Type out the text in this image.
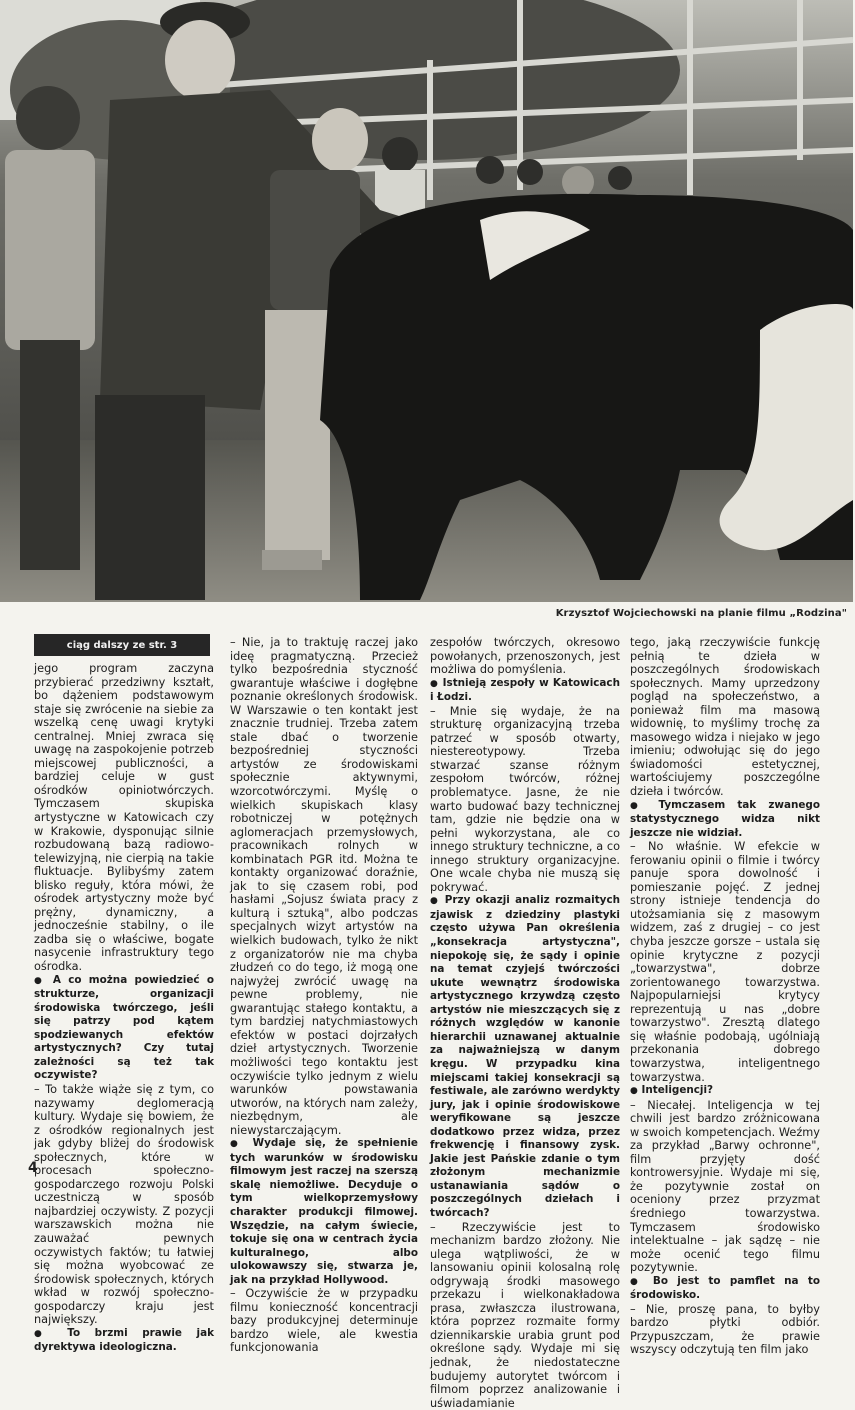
Krzysztof Wojciechowski na planie filmu „Rodzina"
ciąg dalszy ze str. 3

jego program zaczyna przybierać przedziwny kształt, bo dążeniem podstawowym staje się zwrócenie na siebie za wszelką cenę uwagi krytyki centralnej. Mniej zwraca się uwagę na zaspokojenie potrzeb miejscowej publiczności, a bardziej celuje w gust ośrodków opiniotwórczych. Tymczasem skupiska artystyczne w Katowicach czy w Krakowie, dysponując silnie rozbudowaną bazą radiowo-telewizyjną, nie cierpią na takie fluktuacje. Bylibyśmy zatem blisko reguły, która mówi, że ośrodek artystyczny może być prężny, dynamiczny, a jednocześnie stabilny, o ile zadba się o właściwe, bogate nasycenie infrastruktury tego ośrodka.

● A co można powiedzieć o strukturze, organizacji środowiska twórczego, jeśli się patrzy pod kątem spodziewanych efektów artystycznych? Czy tutaj zależności są też tak oczywiste?

– To także wiąże się z tym, co nazywamy deglomeracją kultury. Wydaje się bowiem, że z ośrodków regionalnych jest jak gdyby bliżej do środowisk społecznych, które w procesach społeczno-gospodarczego rozwoju Polski uczestniczą w sposób najbardziej oczywisty. Z pozycji warszawskich można nie zauważać pewnych oczywistych faktów; tu łatwiej się można wyobcować ze środowisk społecznych, których wkład w rozwój społeczno-gospodarczy kraju jest największy.

● To brzmi prawie jak dyrektywa ideologiczna.

– Nie, ja to traktuję raczej jako ideę pragmatyczną. Przecież tylko bezpośrednia styczność gwarantuje właściwe i dogłębne poznanie określonych środowisk. W Warszawie o ten kontakt jest znacznie trudniej. Trzeba zatem stale dbać o tworzenie bezpośredniej styczności artystów ze środowiskami społecznie aktywnymi, wzorcotwórczymi. Myślę o wielkich skupiskach klasy robotniczej w potężnych aglomeracjach przemysłowych, pracownikach rolnych w kombinatach PGR itd. Można te kontakty organizować doraźnie, jak to się czasem robi, pod hasłami „Sojusz świata pracy z kulturą i sztuką", albo podczas specjalnych wizyt artystów na wielkich budowach, tylko że nikt z organizatorów nie ma chyba złudzeń co do tego, iż mogą one najwyżej zwrócić uwagę na pewne problemy, nie gwarantując stałego kontaktu, a tym bardziej natychmiastowych efektów w postaci dojrzałych dzieł artystycznych. Tworzenie możliwości tego kontaktu jest oczywiście tylko jednym z wielu warunków powstawania utworów, na których nam zależy, niezbędnym, ale niewystarczającym.

● Wydaje się, że spełnienie tych warunków w środowisku filmowym jest raczej na szerszą skalę niemożliwe. Decyduje o tym wielkoprzemysłowy charakter produkcji filmowej. Wszędzie, na całym świecie, tokuje się ona w centrach życia kulturalnego, albo ulokowawszy się, stwarza je, jak na przykład Hollywood.

– Oczywiście że w przypadku filmu konieczność koncentracji bazy produkcyjnej determinuje bardzo wiele, ale kwestia funkcjonowania

zespołów twórczych, okresowo powołanych, przenoszonych, jest możliwa do pomyślenia.

● Istnieją zespoły w Katowicach i Łodzi.

– Mnie się wydaje, że na strukturę organizacyjną trzeba patrzeć w sposób otwarty, niestereotypowy. Trzeba stwarzać szanse różnym zespołom twórców, różnej problematyce. Jasne, że nie warto budować bazy technicznej tam, gdzie nie będzie ona w pełni wykorzystana, ale co innego struktury techniczne, a co innego struktury organizacyjne. One wcale chyba nie muszą się pokrywać.

● Przy okazji analiz rozmaitych zjawisk z dziedziny plastyki często używa Pan określenia „konsekracja artystyczna", niepokoję się, że sądy i opinie na temat czyjejś twórczości ukute wewnątrz środowiska artystycznego krzywdzą często artystów nie mieszczących się z różnych względów w kanonie hierarchii uznawanej aktualnie za najważniejszą w danym kręgu. W przypadku kina miejscami takiej konsekracji są festiwale, ale zarówno werdykty jury, jak i opinie środowiskowe weryfikowane są jeszcze dodatkowo przez widza, przez frekwencję i finansowy zysk. Jakie jest Pańskie zdanie o tym złożonym mechanizmie ustanawiania sądów o poszczególnych dziełach i twórcach?

– Rzeczywiście jest to mechanizm bardzo złożony. Nie ulega wątpliwości, że w lansowaniu opinii kolosalną rolę odgrywają środki masowego przekazu i wielkonakładowa prasa, zwłaszcza ilustrowana, która poprzez rozmaite formy dziennikarskie urabia grunt pod określone sądy. Wydaje mi się jednak, że niedostateczne budujemy autorytet twórcom i filmom poprzez analizowanie i uświadamianie

tego, jaką rzeczywiście funkcję pełnią te dzieła w poszczególnych środowiskach społecznych. Mamy uprzedzony pogląd na społeczeństwo, a ponieważ film ma masową widownię, to myślimy trochę za masowego widza i niejako w jego imieniu; odwołując się do jego świadomości estetycznej, wartościujemy poszczególne dzieła i twórców.

● Tymczasem tak zwanego statystycznego widza nikt jeszcze nie widział.

– No właśnie. W efekcie w ferowaniu opinii o filmie i twórcy panuje spora dowolność i pomieszanie pojęć. Z jednej strony istnieje tendencja do utożsamiania się z masowym widzem, zaś z drugiej – co jest chyba jeszcze gorsze – ustala się opinie krytyczne z pozycji „towarzystwa", dobrze zorientowanego towarzystwa. Najpopularniejsi krytycy reprezentują u nas „dobre towarzystwo". Zresztą dlatego się właśnie podobają, ugólniają przekonania dobrego towarzystwa, inteligentnego towarzystwa.

● Inteligencji?

– Niecałej. Inteligencja w tej chwili jest bardzo zróżnicowana w swoich kompetencjach. Weźmy za przykład „Barwy ochronne", film przyjęty dość kontrowersyjnie. Wydaje mi się, że pozytywnie został on oceniony przez przyzmat średniego towarzystwa. Tymczasem środowisko intelektualne – jak sądzę – nie może ocenić tego filmu pozytywnie.

● Bo jest to pamflet na to środowisko.

– Nie, proszę pana, to byłby bardzo płytki odbiór. Przypuszczam, że prawie wszyscy odczytują ten film jako

4
